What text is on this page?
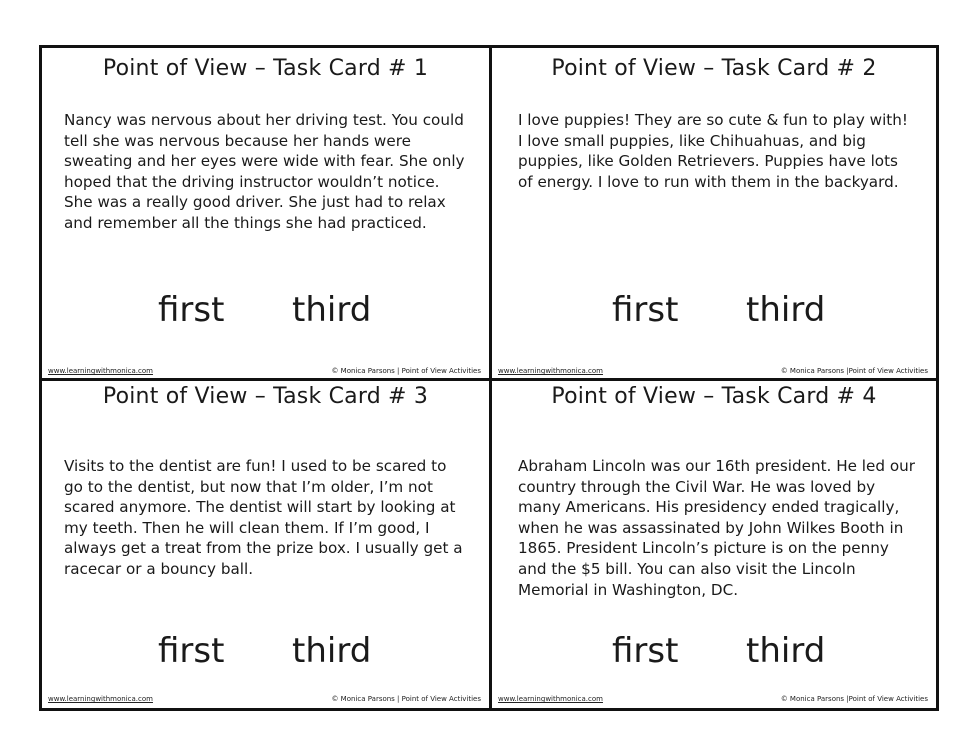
Point of View – Task Card # 1
Nancy was nervous about her driving test. You could tell she was nervous because her hands were sweating and her eyes were wide with fear. She only hoped that the driving instructor wouldn’t notice. She was a really good driver. She just had to relax and remember all the things she had practiced.
first third
www.learningwithmonica.com	© Monica Parsons | Point of View Activities
Point of View – Task Card # 2
I love puppies! They are so cute & fun to play with! I love small puppies, like Chihuahuas, and big puppies, like Golden Retrievers. Puppies have lots of energy. I love to run with them in the backyard.
first third
www.learningwithmonica.com	© Monica Parsons |Point of View Activities
Point of View – Task Card # 3
Visits to the dentist are fun! I used to be scared to go to the dentist, but now that I’m older, I’m not scared anymore. The dentist will start by looking at my teeth. Then he will clean them. If I’m good, I always get a treat from the prize box. I usually get a racecar or a bouncy ball.
first third
www.learningwithmonica.com	© Monica Parsons | Point of View Activities
Point of View – Task Card # 4
Abraham Lincoln was our 16th president. He led our country through the Civil War. He was loved by many Americans. His presidency ended tragically, when he was assassinated by John Wilkes Booth in 1865. President Lincoln’s picture is on the penny and the $5 bill. You can also visit the Lincoln Memorial in Washington, DC.
first third
www.learningwithmonica.com	© Monica Parsons |Point of View Activities
